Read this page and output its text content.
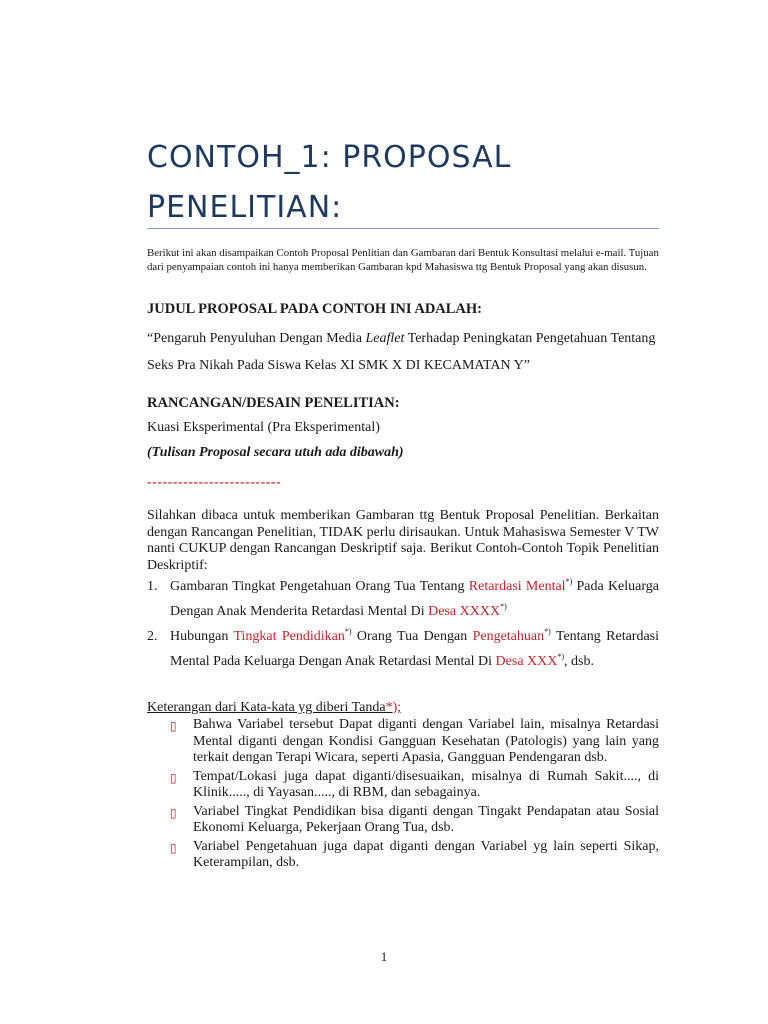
CONTOH_1: PROPOSAL PENELITIAN:

Berikut ini akan disampaikan Contoh Proposal Penlitian dan Gambaran dari Bentuk Konsultasi melalui e-mail. Tujuan dari penyampaian contoh ini hanya memberikan Gambaran kpd Mahasiswa ttg Bentuk Proposal yang akan disusun.

JUDUL PROPOSAL PADA CONTOH INI ADALAH:

“Pengaruh Penyuluhan Dengan Media Leaflet Terhadap Peningkatan Pengetahuan Tentang Seks Pra Nikah Pada Siswa Kelas XI SMK X DI KECAMATAN Y”

RANCANGAN/DESAIN PENELITIAN:

Kuasi Eksperimental (Pra Eksperimental)

(Tulisan Proposal secara utuh ada dibawah)

--------------------------

Silahkan dibaca untuk memberikan Gambaran ttg Bentuk Proposal Penelitian. Berkaitan dengan Rancangan Penelitian, TIDAK perlu dirisaukan. Untuk Mahasiswa Semester V TW nanti CUKUP dengan Rancangan Deskriptif saja. Berikut Contoh-Contoh Topik Penelitian Deskriptif:

1. Gambaran Tingkat Pengetahuan Orang Tua Tentang Retardasi Mental*) Pada Keluarga Dengan Anak Menderita Retardasi Mental Di Desa XXXX*)
2. Hubungan Tingkat Pendidikan*) Orang Tua Dengan Pengetahuan*) Tentang Retardasi Mental Pada Keluarga Dengan Anak Retardasi Mental Di Desa XXX*), dsb.

Keterangan dari Kata-kata yg diberi Tanda*);

▯ Bahwa Variabel tersebut Dapat diganti dengan Variabel lain, misalnya Retardasi Mental diganti dengan Kondisi Gangguan Kesehatan (Patologis) yang lain yang terkait dengan Terapi Wicara, seperti Apasia, Gangguan Pendengaran dsb.
▯ Tempat/Lokasi juga dapat diganti/disesuaikan, misalnya di Rumah Sakit...., di Klinik....., di Yayasan....., di RBM, dan sebagainya.
▯ Variabel Tingkat Pendidikan bisa diganti dengan Tingakt Pendapatan atau Sosial Ekonomi Keluarga, Pekerjaan Orang Tua, dsb.
▯ Variabel Pengetahuan juga dapat diganti dengan Variabel yg lain seperti Sikap, Keterampilan, dsb.

1
